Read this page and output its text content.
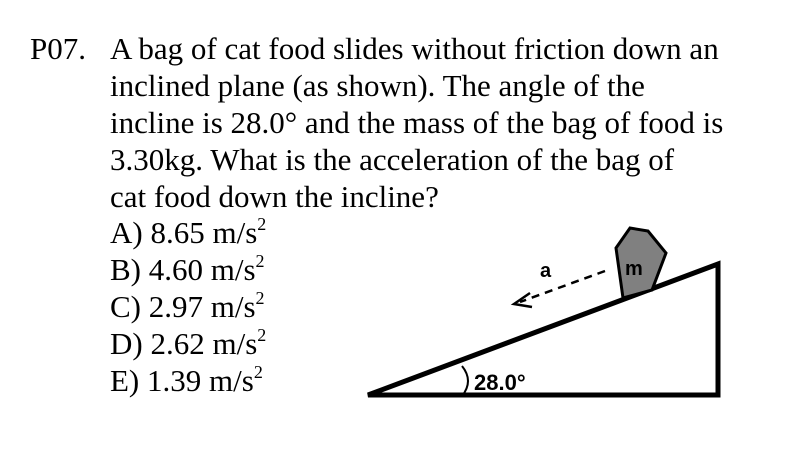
P07. A bag of cat food slides without friction down an
inclined plane (as shown). The angle of the
incline is 28.0° and the mass of the bag of food is
3.30kg. What is the acceleration of the bag of
cat food down the incline?
A) 8.65 $m/s^2$
B) 4.60 $m/s^2$
C) 2.97 $m/s^2$
D) 2.62 $m/s^2$
E) 1.39 $m/s^2$	28.0°
m
a
